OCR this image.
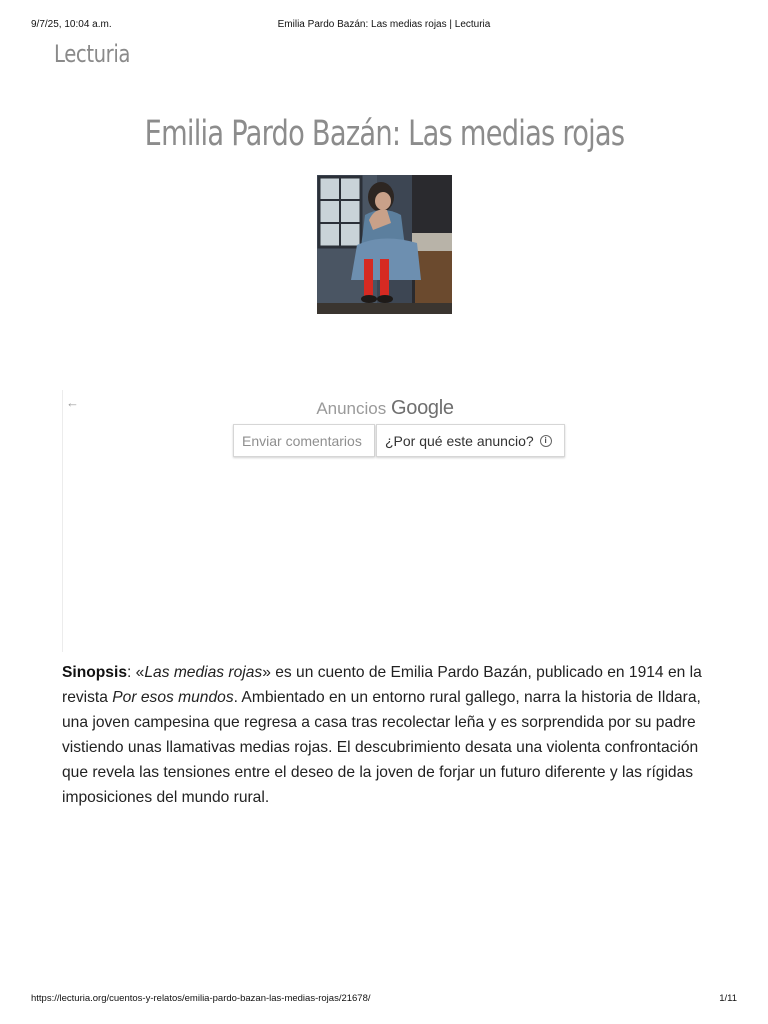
9/7/25, 10:04 a.m.	Emilia Pardo Bazán: Las medias rojas | Lecturia
Lecturia
Emilia Pardo Bazán: Las medias rojas
←	Anuncios Google
Enviar comentarios	¿Por qué este anuncio?	i

Sinopsis: «Las medias rojas» es un cuento de Emilia Pardo Bazán, publicado en 1914 en la revista Por esos mundos. Ambientado en un entorno rural gallego, narra la historia de Ildara, una joven campesina que regresa a casa tras recolectar leña y es sorprendida por su padre vistiendo unas llamativas medias rojas. El descubrimiento desata una violenta confrontación que revela las tensiones entre el deseo de la joven de forjar un futuro diferente y las rígidas imposiciones del mundo rural.

https://lecturia.org/cuentos-y-relatos/emilia-pardo-bazan-las-medias-rojas/21678/	1/11
